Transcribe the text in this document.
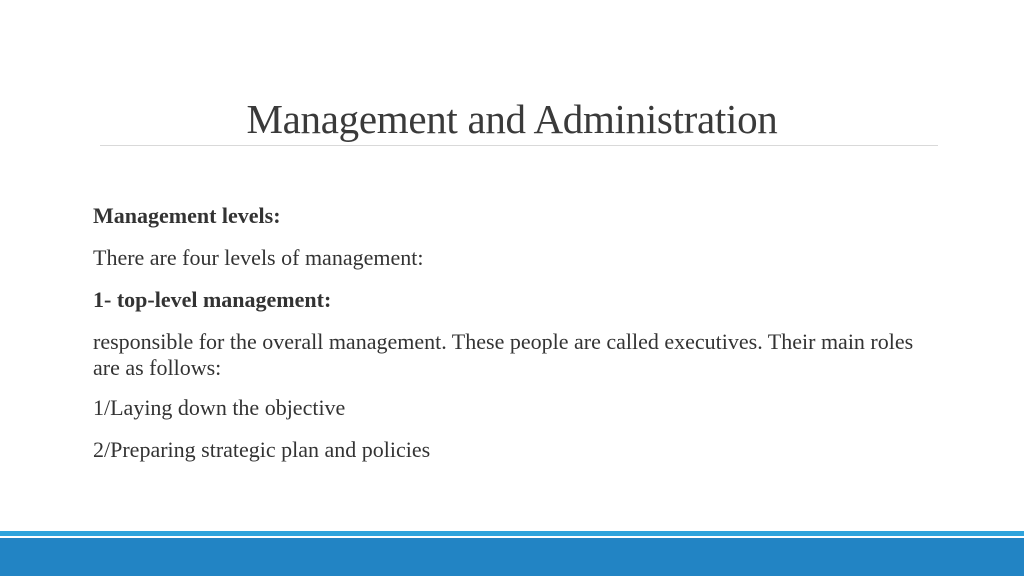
Management and Administration

Management levels:

There are four levels of management:

1- top-level management:

responsible for the overall management. These people are called executives. Their main roles are as follows:

1/Laying down the objective

2/Preparing strategic plan and policies
